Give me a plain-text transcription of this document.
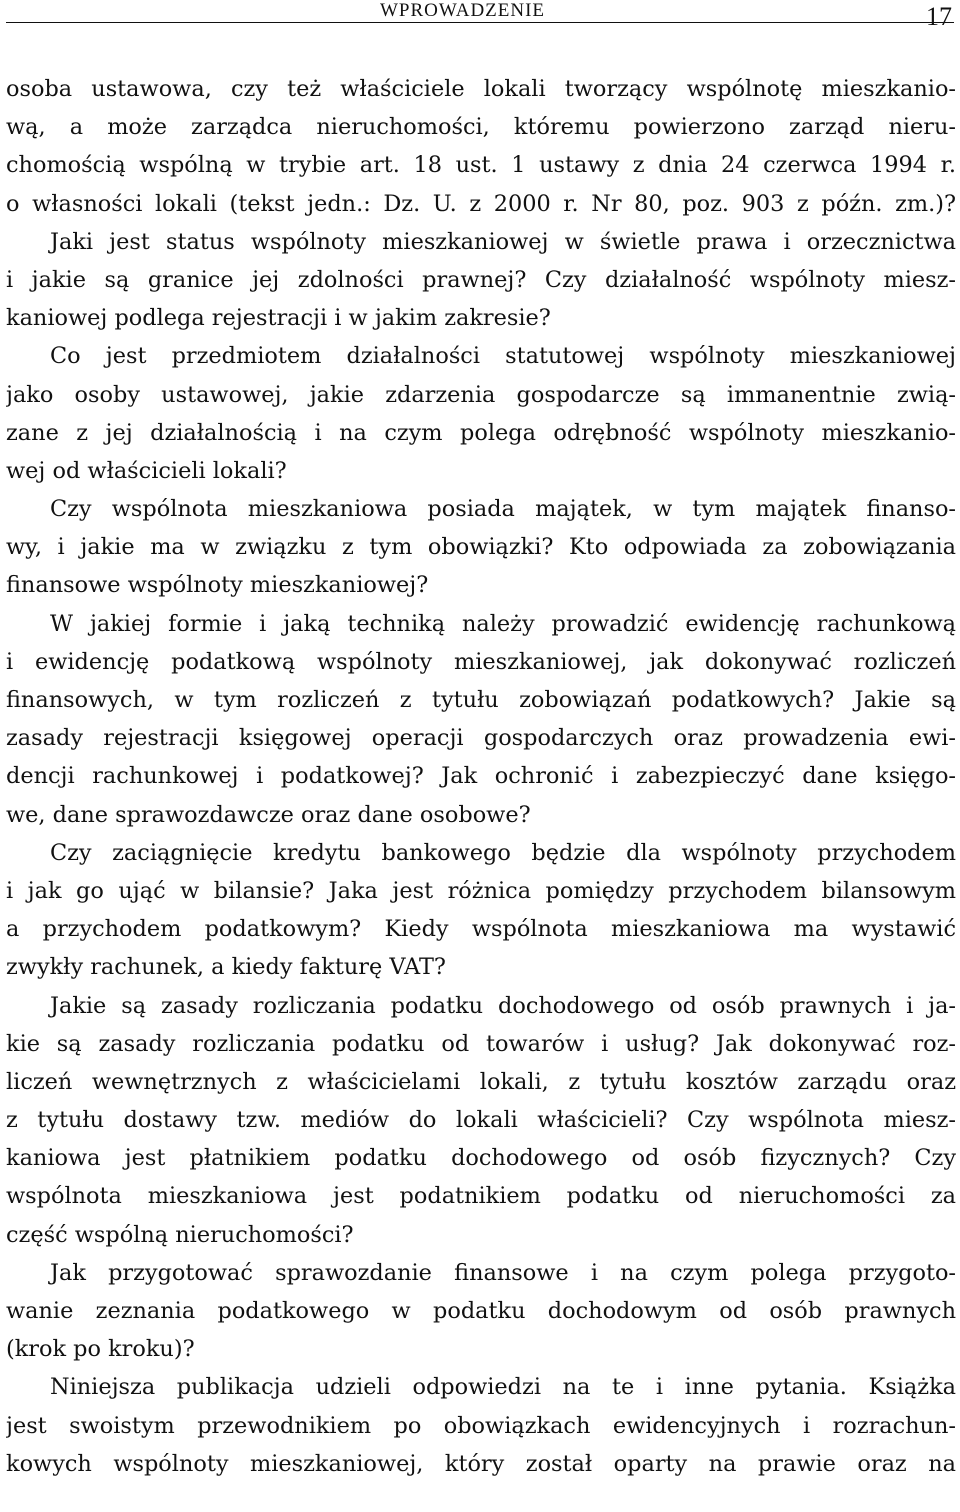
WPROWADZENIE	17
osoba ustawowa, czy też właściciele lokali tworzący wspólnotę mieszkanio-
wą, a może zarządca nieruchomości, któremu powierzono zarząd nieru-
chomością wspólną w trybie art. 18 ust. 1 ustawy z dnia 24 czerwca 1994 r.
o własności lokali (tekst jedn.: Dz. U. z 2000 r. Nr 80, poz. 903 z późn. zm.)?
Jaki jest status wspólnoty mieszkaniowej w świetle prawa i orzecznictwa
i jakie są granice jej zdolności prawnej? Czy działalność wspólnoty miesz-
kaniowej podlega rejestracji i w jakim zakresie?
Co jest przedmiotem działalności statutowej wspólnoty mieszkaniowej
jako osoby ustawowej, jakie zdarzenia gospodarcze są immanentnie zwią-
zane z jej działalnością i na czym polega odrębność wspólnoty mieszkanio-
wej od właścicieli lokali?
Czy wspólnota mieszkaniowa posiada majątek, w tym majątek finanso-
wy, i jakie ma w związku z tym obowiązki? Kto odpowiada za zobowiązania
finansowe wspólnoty mieszkaniowej?
W jakiej formie i jaką techniką należy prowadzić ewidencję rachunkową
i ewidencję podatkową wspólnoty mieszkaniowej, jak dokonywać rozliczeń
finansowych, w tym rozliczeń z tytułu zobowiązań podatkowych? Jakie są
zasady rejestracji księgowej operacji gospodarczych oraz prowadzenia ewi-
dencji rachunkowej i podatkowej? Jak ochronić i zabezpieczyć dane księgo-
we, dane sprawozdawcze oraz dane osobowe?
Czy zaciągnięcie kredytu bankowego będzie dla wspólnoty przychodem
i jak go ująć w bilansie? Jaka jest różnica pomiędzy przychodem bilansowym
a przychodem podatkowym? Kiedy wspólnota mieszkaniowa ma wystawić
zwykły rachunek, a kiedy fakturę VAT?
Jakie są zasady rozliczania podatku dochodowego od osób prawnych i ja-
kie są zasady rozliczania podatku od towarów i usług? Jak dokonywać roz-
liczeń wewnętrznych z właścicielami lokali, z tytułu kosztów zarządu oraz
z tytułu dostawy tzw. mediów do lokali właścicieli? Czy wspólnota miesz-
kaniowa jest płatnikiem podatku dochodowego od osób fizycznych? Czy
wspólnota mieszkaniowa jest podatnikiem podatku od nieruchomości za
część wspólną nieruchomości?
Jak przygotować sprawozdanie finansowe i na czym polega przygoto-
wanie zeznania podatkowego w podatku dochodowym od osób prawnych
(krok po kroku)?
Niniejsza publikacja udzieli odpowiedzi na te i inne pytania. Książka
jest swoistym przewodnikiem po obowiązkach ewidencyjnych i rozrachun-
kowych wspólnoty mieszkaniowej, który został oparty na prawie oraz na
